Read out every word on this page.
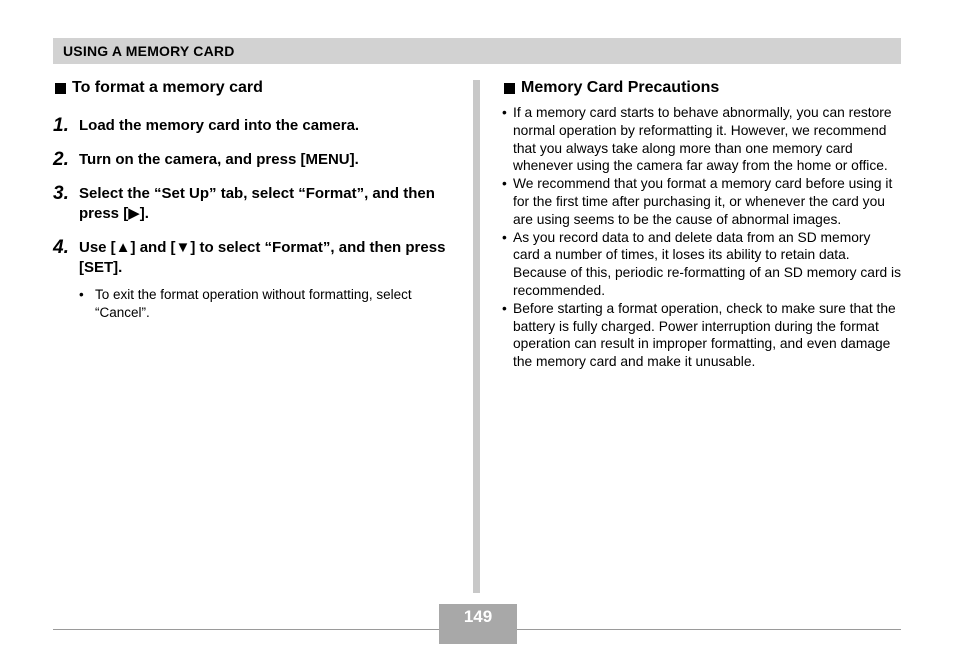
USING A MEMORY CARD
To format a memory card
1. Load the memory card into the camera.
2. Turn on the camera, and press [MENU].
3. Select the “Set Up” tab, select “Format”, and then press [▶].
4. Use [▲] and [▼] to select “Format”, and then press [SET].
• To exit the format operation without formatting, select “Cancel”.
Memory Card Precautions
• If a memory card starts to behave abnormally, you can restore normal operation by reformatting it. However, we recommend that you always take along more than one memory card whenever using the camera far away from the home or office.
• We recommend that you format a memory card before using it for the first time after purchasing it, or whenever the card you are using seems to be the cause of abnormal images.
• As you record data to and delete data from an SD memory card a number of times, it loses its ability to retain data. Because of this, periodic re-formatting of an SD memory card is recommended.
• Before starting a format operation, check to make sure that the battery is fully charged. Power interruption during the format operation can result in improper formatting, and even damage the memory card and make it unusable.
149
